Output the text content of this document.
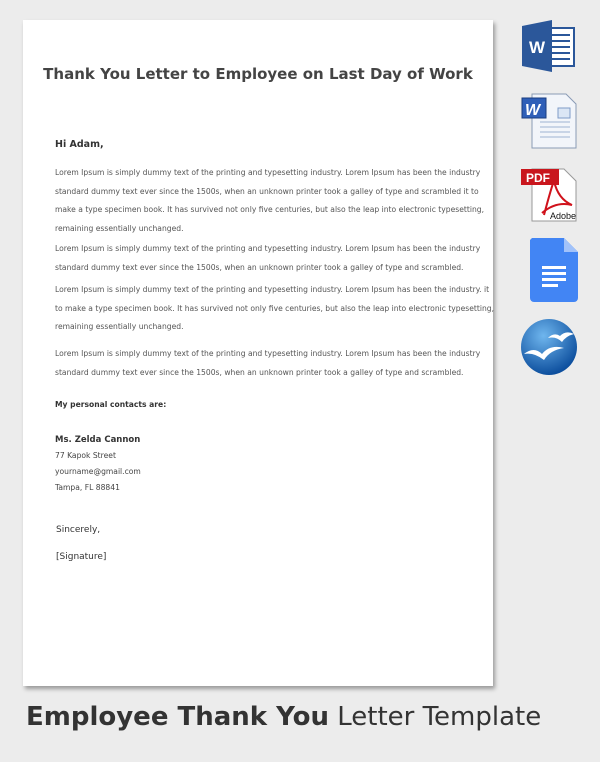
Thank You Letter to Employee on Last Day of Work
Hi Adam,
Lorem Ipsum is simply dummy text of the printing and typesetting industry. Lorem Ipsum has been the industry
standard dummy text ever since the 1500s, when an unknown printer took a galley of type and scrambled it to
make a type specimen book. It has survived not only five centuries, but also the leap into electronic typesetting,
remaining essentially unchanged.
Lorem Ipsum is simply dummy text of the printing and typesetting industry. Lorem Ipsum has been the industry
standard dummy text ever since the 1500s, when an unknown printer took a galley of type and scrambled.
Lorem Ipsum is simply dummy text of the printing and typesetting industry. Lorem Ipsum has been the industry. it
to make a type specimen book. It has survived not only five centuries, but also the leap into electronic typesetting,
remaining essentially unchanged.
Lorem Ipsum is simply dummy text of the printing and typesetting industry. Lorem Ipsum has been the industry
standard dummy text ever since the 1500s, when an unknown printer took a galley of type and scrambled.
My personal contacts are:
Ms. Zelda Cannon
77 Kapok Street
yourname@gmail.com
Tampa, FL 88841
Sincerely,
[Signature]
W
W
Adobe
PDF
Employee Thank You Letter Template
